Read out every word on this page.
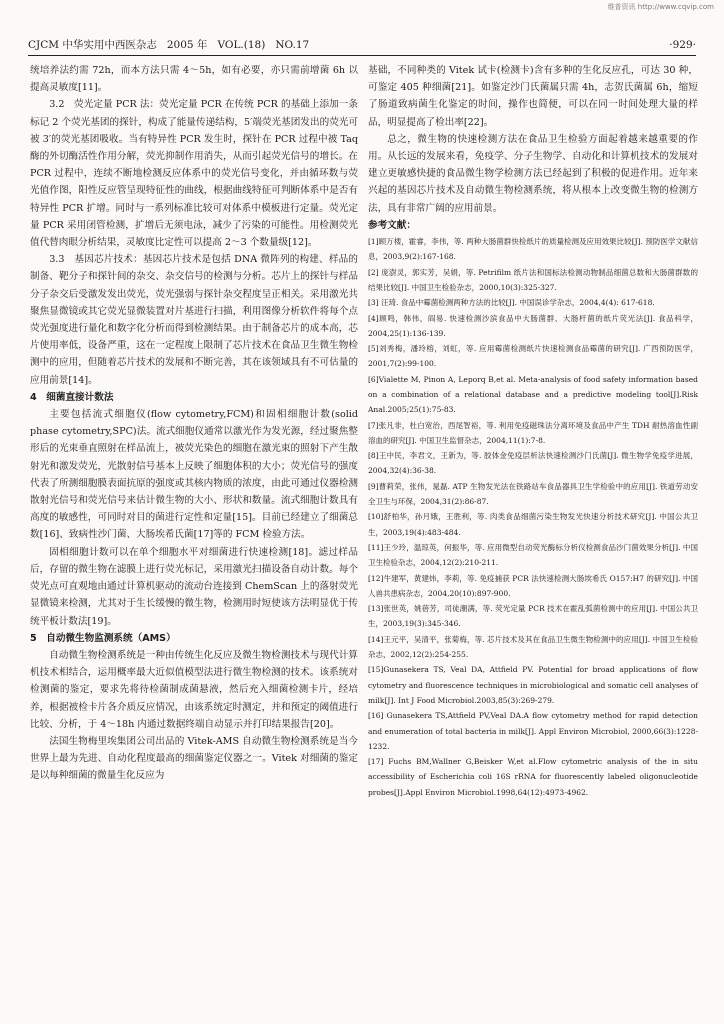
维普资讯 http://www.cqvip.com
CJCM 中华实用中西医杂志 2005 年 VOL.(18) NO.17	·929·

统培养法约需 72h，而本方法只需 4～5h，如有必要，亦只需前增菌 6h 以提高灵敏度[11]。

3.2　荧光定量 PCR 法：荧光定量 PCR 在传统 PCR 的基础上添加一条标记 2 个荧光基团的探针，构成了能量传递结构，5′端荧光基团发出的荧光可被 3′的荧光基团吸收。当有特异性 PCR 发生时，探针在 PCR 过程中被 Taq 酶的外切酶活性作用分解，荧光抑制作用消失，从而引起荧光信号的增长。在 PCR 过程中，连续不断地检测反应体系中的荧光信号变化，并由循环数与荧光值作图，阳性反应管呈现特征性的曲线，根据曲线特征可判断体系中是否有特异性 PCR 扩增。同时与一系列标准比较可对体系中模板进行定量。荧光定量 PCR 采用闭管检测，扩增后无须电泳，减少了污染的可能性。用检测荧光值代替肉眼分析结果，灵敏度比定性可以提高 2～3 个数量级[12]。

3.3　基因芯片技术：基因芯片技术是包括 DNA 微阵列的构建、样品的制备、靶分子和探针间的杂交、杂交信号的检测与分析。芯片上的探针与样品分子杂交后受激发发出荧光，荧光强弱与探针杂交程度呈正相关。采用激光共聚焦显微镜或其它荧光显微装置对片基进行扫描，利用图像分析软件将每个点荧光强度进行量化和数字化分析而得到检测结果。由于制备芯片的成本高，芯片使用率低，设备严重，这在一定程度上限制了芯片技术在食品卫生微生物检测中的应用，但随着芯片技术的发展和不断完善，其在该领域具有不可估量的应用前景[14]。

4　细菌直接计数法

主要包括流式细胞仪(flow cytometry,FCM)和固相细胞计数(solid phase cytometry,SPC)法。流式细胞仪通常以激光作为发光源，经过聚焦整形后的光束垂直照射在样品流上，被荧光染色的细胞在激光束的照射下产生散射光和激发荧光，光散射信号基本上反映了细胞体积的大小；荧光信号的强度代表了所测细胞膜表面抗原的强度或其核内物质的浓度，由此可通过仪器检测散射光信号和荧光信号来估计微生物的大小、形状和数量。流式细胞计数具有高度的敏感性，可同时对目的菌进行定性和定量[15]。目前已经建立了细菌总数[16]、致病性沙门菌、大肠埃希氏菌[17]等的 FCM 检验方法。

固相细胞计数可以在单个细胞水平对细菌进行快速检测[18]。滤过样品后，存留的微生物在滤膜上进行荧光标记，采用激光扫描设备自动计数。每个荧光点可直观地由通过计算机驱动的流动台连接到 ChemScan 上的落射荧光显微镜来检测，尤其对于生长缓慢的微生物，检测用时短使该方法明显优于传统平板计数法[19]。

5　自动微生物监测系统（AMS）

自动微生物检测系统是一种由传统生化反应及微生物检测技术与现代计算机技术相结合，运用概率最大近似值模型法进行微生物检测的技术。该系统对检测菌的鉴定，要求先将待检菌制成菌悬液，然后充入细菌检测卡片，经培养，根据被检卡片各介质反应情况，由该系统定时测定，并和预定的阈值进行比较、分析，于 4～18h 内通过数据终端自动显示并打印结果报告[20]。

法国生物梅里埃集团公司出品的 Vitek-AMS 自动微生物检测系统是当今世界上最为先进、自动化程度最高的细菌鉴定仪器之一。Vitek 对细菌的鉴定是以每种细菌的微量生化反应为

基础，不同种类的 Vitek 试卡(检测卡)含有多种的生化反应孔，可达 30 种，可鉴定 405 种细菌[21]。如鉴定沙门氏菌属只需 4h，志贺氏菌属 6h，缩短了肠道致病菌生化鉴定的时间，操作也简便，可以在同一时间处理大量的样品，明显提高了检出率[22]。

总之，微生物的快速检测方法在食品卫生检验方面起着越来越重要的作用。从长远的发展来看，免疫学、分子生物学、自动化和计算机技术的发展对建立更敏感快捷的食品微生物学检测方法已经起到了积极的促进作用。近年来兴起的基因芯片技术及自动微生物检测系统，将从根本上改变微生物的检测方法，具有非常广阔的应用前景。

参考文献：

[1]顾万楼，霍睿，李伟，等. 两种大肠菌群快检纸片的质量检测及应用效果比较[J]. 预防医学文献信息，2003,9(2):167-168.

[2] 庞澍灵，郭实芳，吴娟，等. Petrifilm 纸片法和国标法检测动物制品细菌总数和大肠菌群数的结果比较[J]. 中国卫生检验杂志，2000,10(3):325-327.

[3] 汪琦. 食品中霉菌检测两种方法的比较[J]. 中国误诊学杂志，2004,4(4): 617-618.

[4]顾鸣，韩伟，阎易. 快速检测沙滨食品中大肠菌群、大肠杆菌的纸片荧光法[J]. 食品科学，2004,25(1):136-139.

[5]刘秀梅，潘玲榕，刘虹，等. 应用霉菌检测纸片快速检测食品霉菌的研究[J]. 广西预防医学，2001,7(2):99-100.

[6]Vialette M, Pinon A, Leporq B,et al. Meta-analysis of food safety information based on a combination of a relational database and a predictive modeling tool[J].Risk Anal.2005;25(1):75-83.

[7]张凡非，杜白宽治，西尾智裕，等. 利用免疫磁珠法分离环境及食品中产生 TDH 耐热溶血性副溶血的研究[J]. 中国卫生监督杂志，2004,11(1):7-8.

[8]王中民，李君文，王新为，等. 胶体金免疫层析法快速检测沙门氏菌[J]. 微生物学免疫学进展，2004,32(4):36-38.

[9]曹莉荣，张伟，晁磊. ATP 生物发光法在铁路站车食品器具卫生学检验中的应用[J]. 铁道劳动安全卫生与环保，2004,31(2):86-87.

[10]舒柏华，孙月娥，王胜利，等. 肉类食品细菌污染生物发光快速分析技术研究[J]. 中国公共卫生，2003,19(4):483-484.

[11]王少玲，温琼英，何振华，等. 应用微型自动荧光酶标分析仪检测食品沙门菌效果分析[J]. 中国卫生检验杂志，2004,12(2):210-211.

[12]牛建军，黄建炜，李莉，等. 免疫捕获 PCR 法快速检测大肠埃希氏 O157:H7 的研究[J]. 中国人兽共患病杂志，2004,20(10):897-900.

[13]张世英，姚蓓芳，司徒潮满，等. 荧光定量 PCR 技术在霍乱弧菌检测中的应用[J]. 中国公共卫生，2003,19(3):345-346.

[14]王元平，吴清平，张菊梅，等. 芯片技术及其在食品卫生微生物检测中的应用[J]. 中国卫生检验杂志，2002,12(2):254-255.

[15]Gunasekera TS, Veal DA, Attfield PV. Potential for broad applications of flow cytometry and fluorescence techniques in microbiological and somatic cell analyses of milk[J]. Int J Food Microbiol.2003,85(3):269-279.

[16] Gunasekera TS,Attfield PV,Veal DA.A flow cytometry method for rapid detection and enumeration of total bacteria in milk[J]. Appl Environ Microbiol, 2000,66(3):1228-1232.

[17] Fuchs BM,Wallner G,Beisker W,et al.Flow cytometric analysis of the in situ accessibility of Escherichia coli 16S rRNA for fluorescently labeled oligonucleotide probes[J].Appl Environ Microbiol.1998,64(12):4973-4962.
